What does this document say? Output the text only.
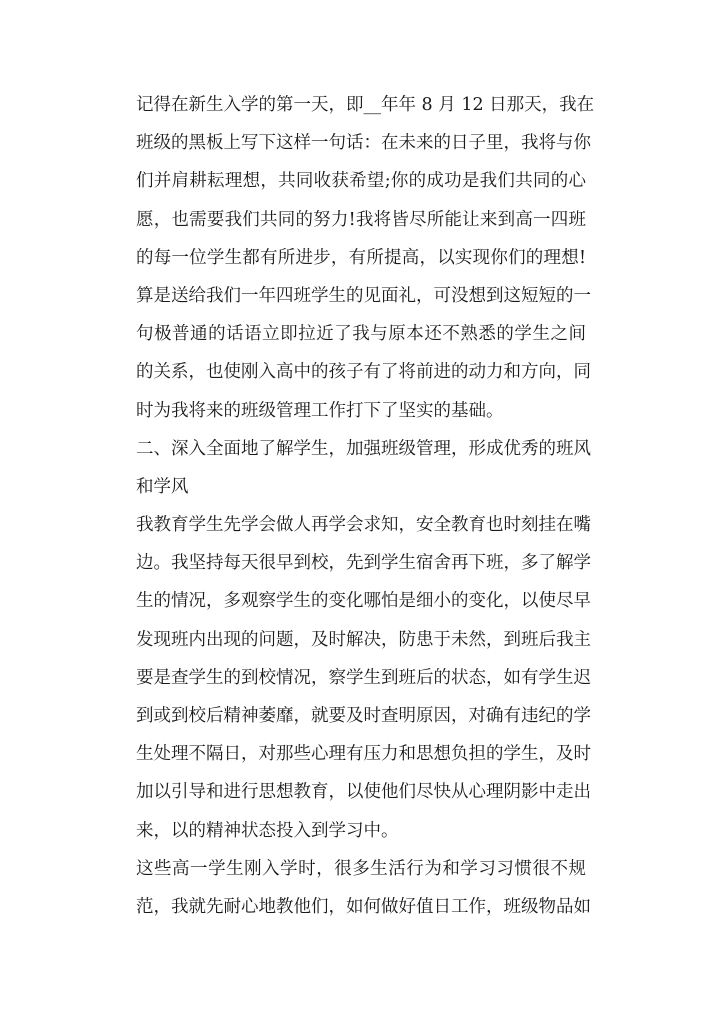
记得在新生入学的第一天，即__年年 8 月 12 日那天，我在
班级的黑板上写下这样一句话：在未来的日子里，我将与你
们并肩耕耘理想，共同收获希望;你的成功是我们共同的心
愿，也需要我们共同的努力!我将皆尽所能让来到高一四班
的每一位学生都有所进步，有所提高，以实现你们的理想!
算是送给我们一年四班学生的见面礼，可没想到这短短的一
句极普通的话语立即拉近了我与原本还不熟悉的学生之间
的关系，也使刚入高中的孩子有了将前进的动力和方向，同
时为我将来的班级管理工作打下了坚实的基础。
二、深入全面地了解学生，加强班级管理，形成优秀的班风
和学风
我教育学生先学会做人再学会求知，安全教育也时刻挂在嘴
边。我坚持每天很早到校，先到学生宿舍再下班，多了解学
生的情况，多观察学生的变化哪怕是细小的变化，以使尽早
发现班内出现的问题，及时解决，防患于未然，到班后我主
要是查学生的到校情况，察学生到班后的状态，如有学生迟
到或到校后精神萎靡，就要及时查明原因，对确有违纪的学
生处理不隔日，对那些心理有压力和思想负担的学生，及时
加以引导和进行思想教育，以使他们尽快从心理阴影中走出
来，以的精神状态投入到学习中。
这些高一学生刚入学时，很多生活行为和学习习惯很不规
范，我就先耐心地教他们，如何做好值日工作，班级物品如
